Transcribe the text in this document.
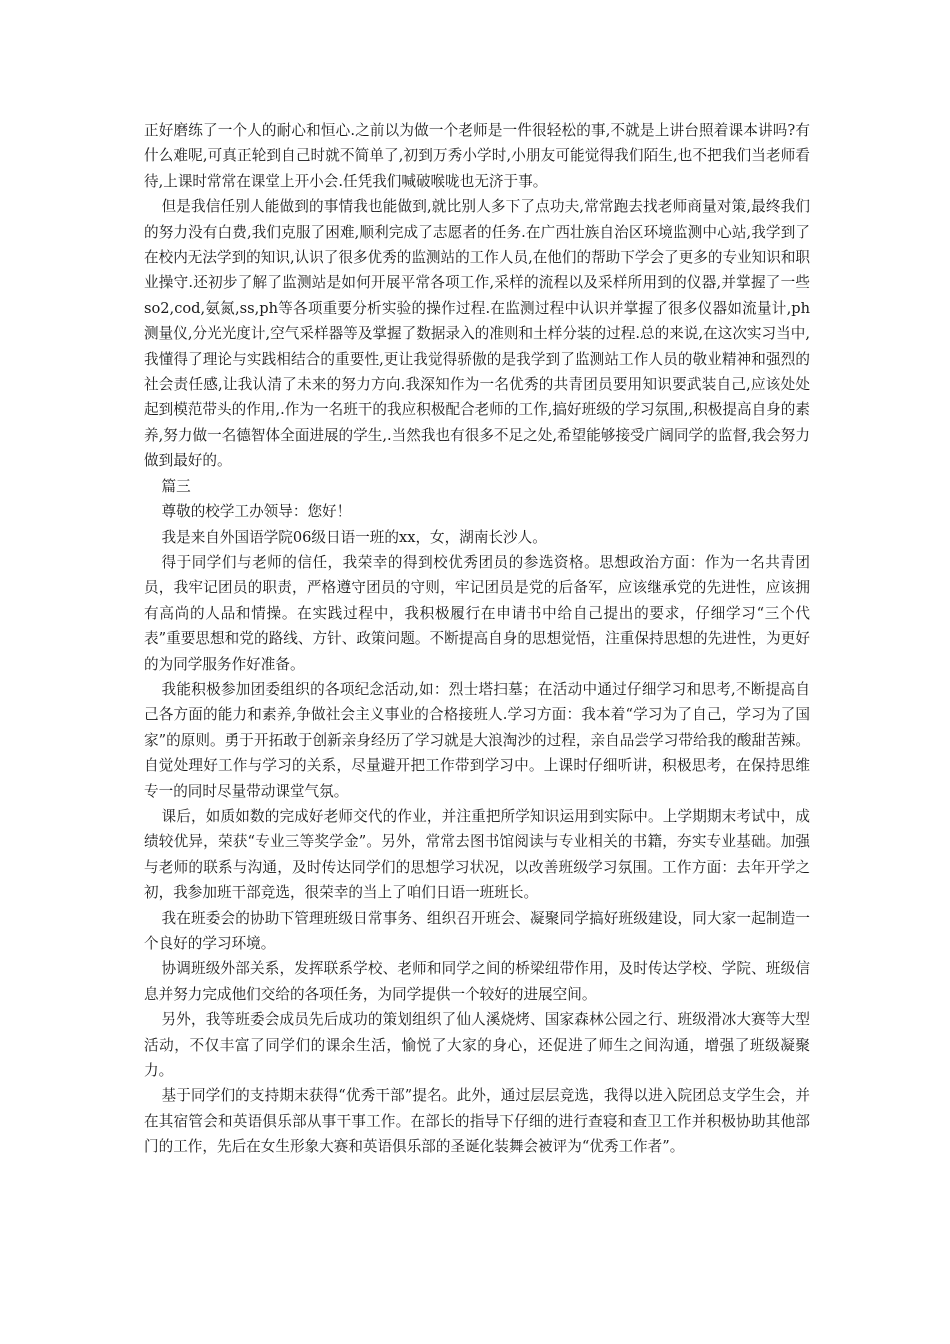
正好磨练了一个人的耐心和恒心.之前以为做一个老师是一件很轻松的事,不就是上讲台照着课本讲吗?有什么难呢,可真正轮到自己时就不简单了,初到万秀小学时,小朋友可能觉得我们陌生,也不把我们当老师看待,上课时常常在课堂上开小会.任凭我们喊破喉咙也无济于事。

但是我信任别人能做到的事情我也能做到,就比别人多下了点功夫,常常跑去找老师商量对策,最终我们的努力没有白费,我们克服了困难,顺利完成了志愿者的任务.在广西壮族自治区环境监测中心站,我学到了在校内无法学到的知识,认识了很多优秀的监测站的工作人员,在他们的帮助下学会了更多的专业知识和职业操守.还初步了解了监测站是如何开展平常各项工作,采样的流程以及采样所用到的仪器,并掌握了一些so2,cod,氨氮,ss,ph等各项重要分析实验的操作过程.在监测过程中认识并掌握了很多仪器如流量计,ph测量仪,分光光度计,空气采样器等及掌握了数据录入的准则和土样分装的过程.总的来说,在这次实习当中,我懂得了理论与实践相结合的重要性,更让我觉得骄傲的是我学到了监测站工作人员的敬业精神和强烈的社会责任感,让我认清了未来的努力方向.我深知作为一名优秀的共青团员要用知识要武装自己,应该处处起到模范带头的作用,.作为一名班干的我应积极配合老师的工作,搞好班级的学习氛围,,积极提高自身的素养,努力做一名德智体全面进展的学生,.当然我也有很多不足之处,希望能够接受广阔同学的监督,我会努力做到最好的。

篇三

尊敬的校学工办领导：您好！

我是来自外国语学院06级日语一班的xx，女，湖南长沙人。

得于同学们与老师的信任，我荣幸的得到校优秀团员的参选资格。思想政治方面：作为一名共青团员，我牢记团员的职责，严格遵守团员的守则，牢记团员是党的后备军，应该继承党的先进性，应该拥有高尚的人品和情操。在实践过程中，我积极履行在申请书中给自己提出的要求，仔细学习“三个代表”重要思想和党的路线、方针、政策问题。不断提高自身的思想觉悟，注重保持思想的先进性，为更好的为同学服务作好准备。

我能积极参加团委组织的各项纪念活动,如：烈士塔扫墓；在活动中通过仔细学习和思考,不断提高自己各方面的能力和素养,争做社会主义事业的合格接班人.学习方面：我本着“学习为了自己，学习为了国家”的原则。勇于开拓敢于创新亲身经历了学习就是大浪淘沙的过程，亲自品尝学习带给我的酸甜苦辣。自觉处理好工作与学习的关系，尽量避开把工作带到学习中。上课时仔细听讲，积极思考，在保持思维专一的同时尽量带动课堂气氛。

课后，如质如数的完成好老师交代的作业，并注重把所学知识运用到实际中。上学期期末考试中，成绩较优异，荣获“专业三等奖学金”。另外，常常去图书馆阅读与专业相关的书籍，夯实专业基础。加强与老师的联系与沟通，及时传达同学们的思想学习状况，以改善班级学习氛围。工作方面：去年开学之初，我参加班干部竞选，很荣幸的当上了咱们日语一班班长。

我在班委会的协助下管理班级日常事务、组织召开班会、凝聚同学搞好班级建设，同大家一起制造一个良好的学习环境。

协调班级外部关系，发挥联系学校、老师和同学之间的桥梁纽带作用，及时传达学校、学院、班级信息并努力完成他们交给的各项任务，为同学提供一个较好的进展空间。

另外，我等班委会成员先后成功的策划组织了仙人溪烧烤、国家森林公园之行、班级滑冰大赛等大型活动，不仅丰富了同学们的课余生活，愉悦了大家的身心，还促进了师生之间沟通，增强了班级凝聚力。

基于同学们的支持期末获得“优秀干部”提名。此外，通过层层竞选，我得以进入院团总支学生会，并在其宿管会和英语俱乐部从事干事工作。在部长的指导下仔细的进行查寝和查卫工作并积极协助其他部门的工作，先后在女生形象大赛和英语俱乐部的圣诞化装舞会被评为“优秀工作者”。
